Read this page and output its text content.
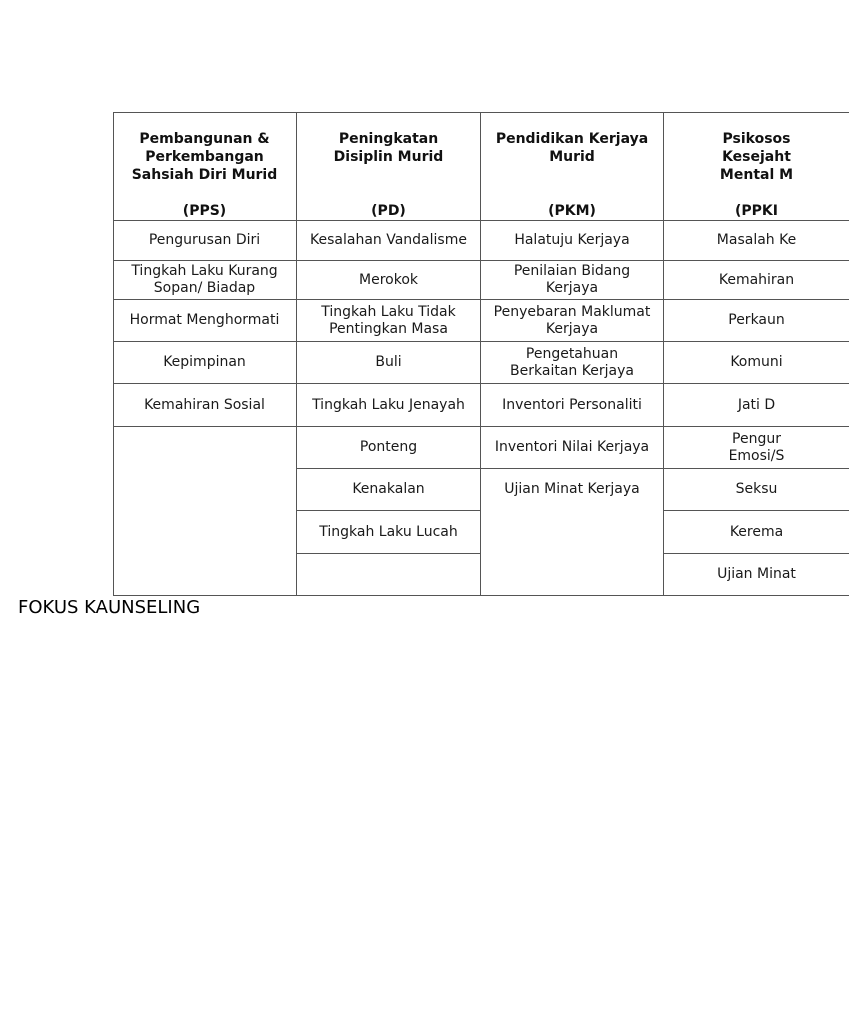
Pembangunan &
Perkembangan
Sahsiah Diri Murid
(PPS)
Peningkatan
Disiplin Murid
(PD)
Pendidikan Kerjaya
Murid
(PKM)
Psikosos
Kesejaht
Mental M
(PPKI
Pengurusan Diri
Tingkah Laku Kurang
Sopan/ Biadap
Hormat Menghormati
Kepimpinan
Kemahiran Sosial
Kesalahan Vandalisme
Merokok
Tingkah Laku Tidak
Pentingkan Masa
Buli
Tingkah Laku Jenayah
Ponteng
Kenakalan
Tingkah Laku Lucah
Halatuju Kerjaya
Penilaian Bidang
Kerjaya
Penyebaran Maklumat
Kerjaya
Pengetahuan
Berkaitan Kerjaya
Inventori Personaliti
Inventori Nilai Kerjaya
Ujian Minat Kerjaya
Masalah Ke
Kemahiran
Perkaun
Komuni
Jati D
Pengur
Emosi/S
Seksu
Kerema
Ujian Minat
FOKUS KAUNSELING
